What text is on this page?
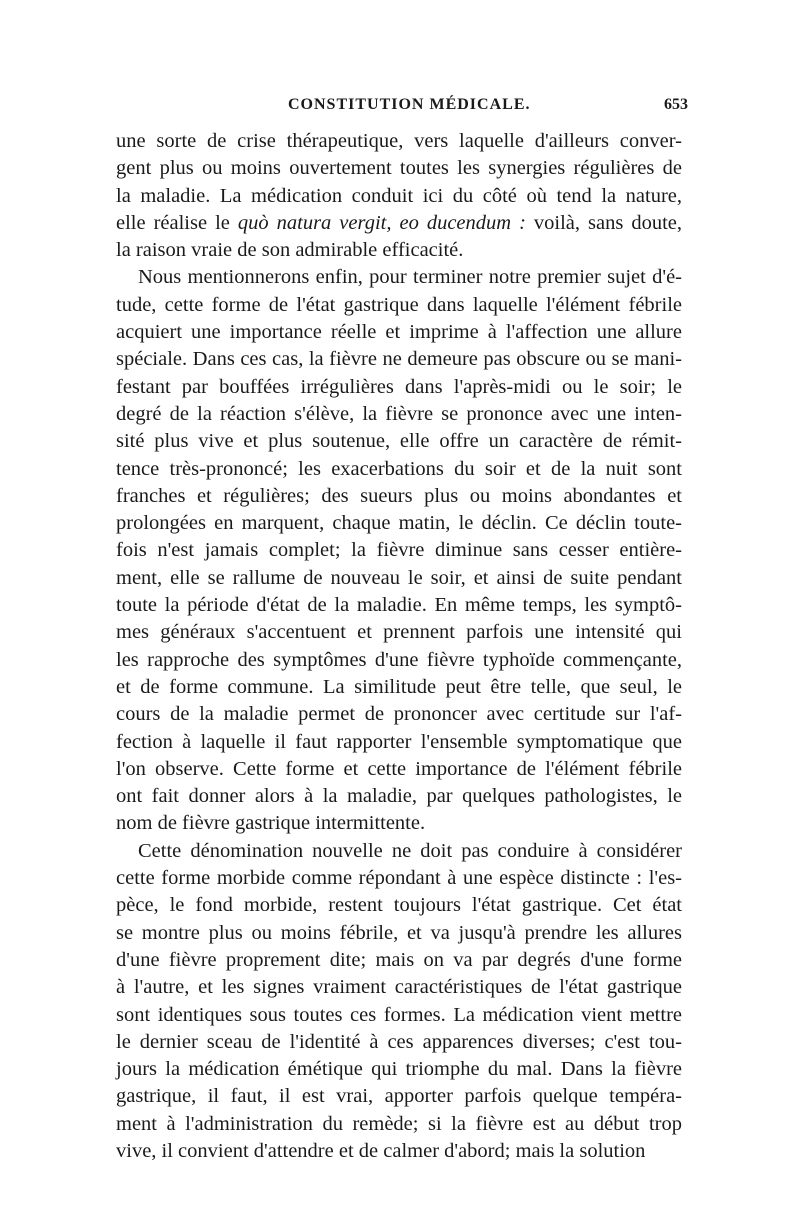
CONSTITUTION MÉDICALE.	653

une sorte de crise thérapeutique, vers laquelle d'ailleurs conver-
gent plus ou moins ouvertement toutes les synergies régulières de
la maladie. La médication conduit ici du côté où tend la nature,
elle réalise le quò natura vergit, eo ducendum : voilà, sans doute,
la raison vraie de son admirable efficacité.

Nous mentionnerons enfin, pour terminer notre premier sujet d'é-
tude, cette forme de l'état gastrique dans laquelle l'élément fébrile
acquiert une importance réelle et imprime à l'affection une allure
spéciale. Dans ces cas, la fièvre ne demeure pas obscure ou se mani-
festant par bouffées irrégulières dans l'après-midi ou le soir; le
degré de la réaction s'élève, la fièvre se prononce avec une inten-
sité plus vive et plus soutenue, elle offre un caractère de rémit-
tence très-prononcé; les exacerbations du soir et de la nuit sont
franches et régulières; des sueurs plus ou moins abondantes et
prolongées en marquent, chaque matin, le déclin. Ce déclin toute-
fois n'est jamais complet; la fièvre diminue sans cesser entière-
ment, elle se rallume de nouveau le soir, et ainsi de suite pendant
toute la période d'état de la maladie. En même temps, les symptô-
mes généraux s'accentuent et prennent parfois une intensité qui
les rapproche des symptômes d'une fièvre typhoïde commençante,
et de forme commune. La similitude peut être telle, que seul, le
cours de la maladie permet de prononcer avec certitude sur l'af-
fection à laquelle il faut rapporter l'ensemble symptomatique que
l'on observe. Cette forme et cette importance de l'élément fébrile
ont fait donner alors à la maladie, par quelques pathologistes, le
nom de fièvre gastrique intermittente.

Cette dénomination nouvelle ne doit pas conduire à considérer
cette forme morbide comme répondant à une espèce distincte : l'es-
pèce, le fond morbide, restent toujours l'état gastrique. Cet état
se montre plus ou moins fébrile, et va jusqu'à prendre les allures
d'une fièvre proprement dite; mais on va par degrés d'une forme
à l'autre, et les signes vraiment caractéristiques de l'état gastrique
sont identiques sous toutes ces formes. La médication vient mettre
le dernier sceau de l'identité à ces apparences diverses; c'est tou-
jours la médication émétique qui triomphe du mal. Dans la fièvre
gastrique, il faut, il est vrai, apporter parfois quelque tempéra-
ment à l'administration du remède; si la fièvre est au début trop
vive, il convient d'attendre et de calmer d'abord; mais la solution
